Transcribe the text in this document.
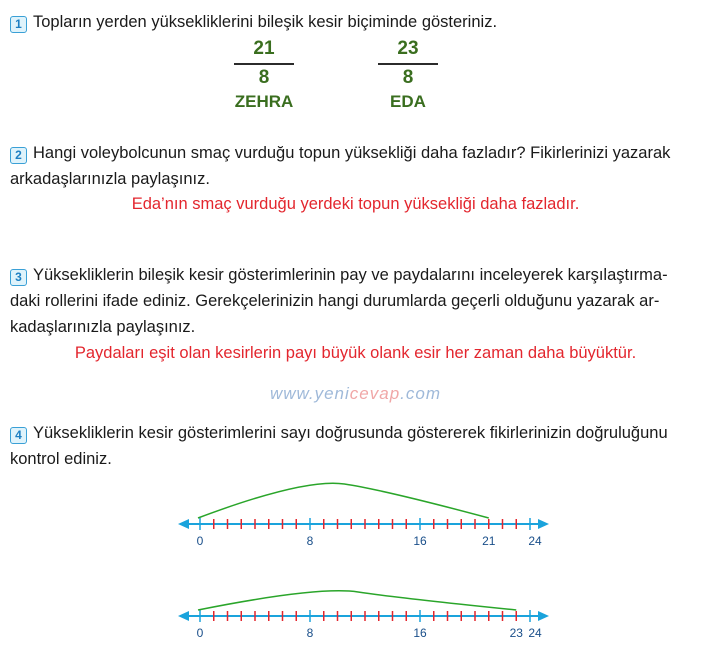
1 Topların yerden yüksekliklerini bileşik kesir biçiminde gösteriniz.
21
8
ZEHRA
23
8
EDA
2 Hangi voleybolcunun smaç vurduğu topun yüksekliği daha fazladır? Fikirlerinizi yazarak
arkadaşlarınızla paylaşınız.
Eda’nın smaç vurduğu yerdeki topun yüksekliği daha fazladır.
3 Yüksekliklerin bileşik kesir gösterimlerinin pay ve paydalarını inceleyerek karşılaştırma-
daki rollerini ifade ediniz. Gerekçelerinizin hangi durumlarda geçerli olduğunu yazarak ar-
kadaşlarınızla paylaşınız.
Paydaları eşit olan kesirlerin payı büyük olank esir her zaman daha büyüktür.
www.yenicevap.com
4 Yüksekliklerin kesir gösterimlerini sayı doğrusunda göstererek fikirlerinizin doğruluğunu
kontrol ediniz.
0	8	16	21	24
0	8	16	23 24
